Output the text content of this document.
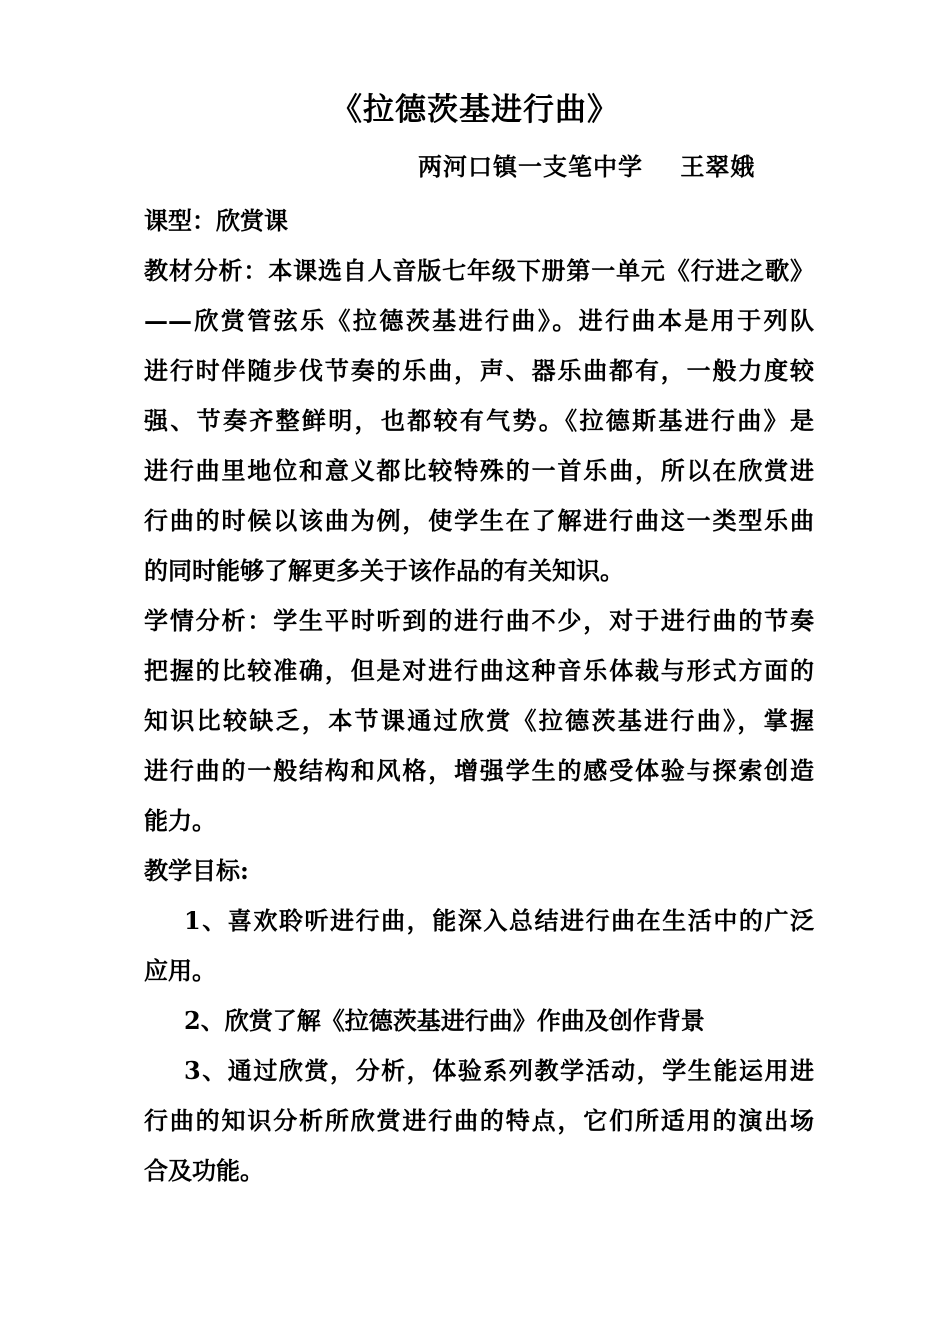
《拉德茨基进行曲》
两河口镇一支笔中学    王翠娥
课型：欣赏课
教材分析：本课选自人音版七年级下册第一单元《行进之歌》
——欣赏管弦乐《拉德茨基进行曲》。进行曲本是用于列队
进行时伴随步伐节奏的乐曲，声、器乐曲都有，一般力度较
强、节奏齐整鲜明，也都较有气势。《拉德斯基进行曲》是
进行曲里地位和意义都比较特殊的一首乐曲，所以在欣赏进
行曲的时候以该曲为例，使学生在了解进行曲这一类型乐曲
的同时能够了解更多关于该作品的有关知识。
学情分析：学生平时听到的进行曲不少，对于进行曲的节奏
把握的比较准确，但是对进行曲这种音乐体裁与形式方面的
知识比较缺乏，本节课通过欣赏《拉德茨基进行曲》，掌握
进行曲的一般结构和风格，增强学生的感受体验与探索创造
能力。
教学目标:
1、喜欢聆听进行曲，能深入总结进行曲在生活中的广泛
应用。
2、欣赏了解《拉德茨基进行曲》作曲及创作背景
3、通过欣赏，分析，体验系列教学活动，学生能运用进
行曲的知识分析所欣赏进行曲的特点，它们所适用的演出场
合及功能。
